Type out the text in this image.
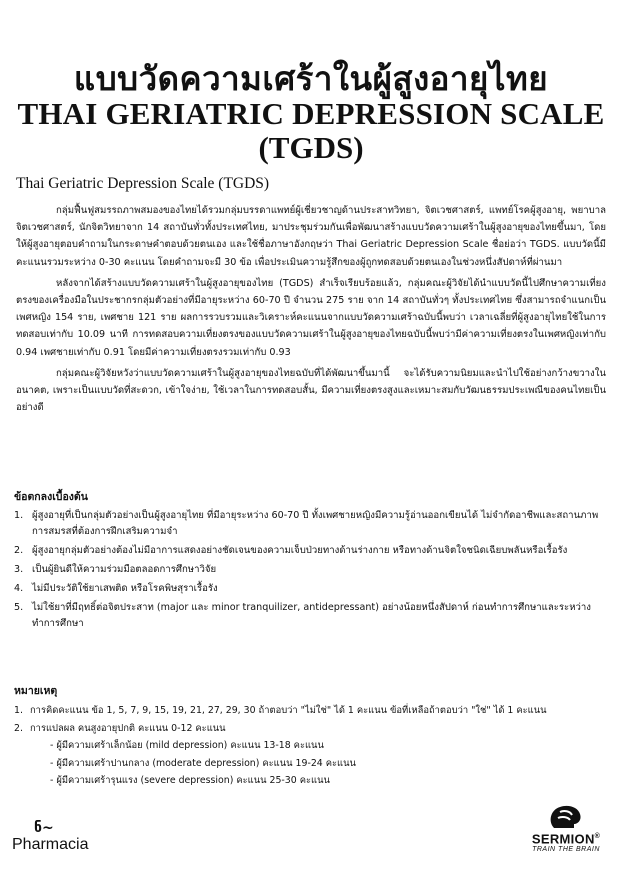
แบบวัดความเศร้าในผู้สูงอายุไทย
THAI GERIATRIC DEPRESSION SCALE
(TGDS)
Thai Geriatric Depression Scale (TGDS)

กลุ่มฟื้นฟูสมรรถภาพสมองของไทยได้รวมกลุ่มบรรดาแพทย์ผู้เชี่ยวชาญด้านประสาทวิทยา, จิตเวชศาสตร์, แพทย์โรคผู้สูงอายุ, พยาบาลจิตเวชศาสตร์, นักจิตวิทยาจาก 14 สถาบันทั่วทั้งประเทศไทย, มาประชุมร่วมกันเพื่อพัฒนาสร้างแบบวัดความเศร้าในผู้สูงอายุของไทยขึ้นมา, โดยให้ผู้สูงอายุตอบคำถามในกระดาษคำตอบด้วยตนเอง และใช้ชื่อภาษาอังกฤษว่า Thai Geriatric Depression Scale ชื่อย่อว่า TGDS. แบบวัดนี้มีคะแนนรวมระหว่าง 0-30 คะแนน โดยคำถามจะมี 30 ข้อ เพื่อประเมินความรู้สึกของผู้ถูกทดสอบด้วยตนเองในช่วงหนึ่งสัปดาห์ที่ผ่านมา

หลังจากได้สร้างแบบวัดความเศร้าในผู้สูงอายุของไทย (TGDS) สำเร็จเรียบร้อยแล้ว, กลุ่มคณะผู้วิจัยได้นำแบบวัดนี้ไปศึกษาความเที่ยงตรงของเครื่องมือในประชากรกลุ่มตัวอย่างที่มีอายุระหว่าง 60-70 ปี จำนวน 275 ราย จาก 14 สถาบันทั่วๆ ทั้งประเทศไทย ซึ่งสามารถจำแนกเป็นเพศหญิง 154 ราย, เพศชาย 121 ราย ผลการรวบรวมและวิเคราะห์คะแนนจากแบบวัดความเศร้าฉบับนี้พบว่า เวลาเฉลี่ยที่ผู้สูงอายุไทยใช้ในการทดสอบเท่ากับ 10.09 นาที การทดสอบความเที่ยงตรงของแบบวัดความเศร้าในผู้สูงอายุของไทยฉบับนี้พบว่ามีค่าความเที่ยงตรงในเพศหญิงเท่ากับ 0.94 เพศชายเท่ากับ 0.91 โดยมีค่าความเที่ยงตรงรวมเท่ากับ 0.93

กลุ่มคณะผู้วิจัยหวังว่าแบบวัดความเศร้าในผู้สูงอายุของไทยฉบับที่ได้พัฒนาขึ้นมานี้ จะได้รับความนิยมและนำไปใช้อย่างกว้างขวางในอนาคต, เพราะเป็นแบบวัดที่สะดวก, เข้าใจง่าย, ใช้เวลาในการทดสอบสั้น, มีความเที่ยงตรงสูงและเหมาะสมกับวัฒนธรรมประเพณีของคนไทยเป็นอย่างดี

ข้อตกลงเบื้องต้น
1. ผู้สูงอายุที่เป็นกลุ่มตัวอย่างเป็นผู้สูงอายุไทย ที่มีอายุระหว่าง 60-70 ปี ทั้งเพศชายหญิงมีความรู้อ่านออกเขียนได้ ไม่จำกัดอาชีพและสถานภาพการสมรสที่ต้องการฝึกเสริมความจำ
2. ผู้สูงอายุกลุ่มตัวอย่างต้องไม่มีอาการแสดงอย่างชัดเจนของความเจ็บป่วยทางด้านร่างกาย หรือทางด้านจิตใจชนิดเฉียบพลันหรือเรื้อรัง
3. เป็นผู้ยินดีให้ความร่วมมือตลอดการศึกษาวิจัย
4. ไม่มีประวัติใช้ยาเสพติด หรือโรคพิษสุราเรื้อรัง
5. ไม่ใช้ยาที่มีฤทธิ์ต่อจิตประสาท (major และ minor tranquilizer, antidepressant) อย่างน้อยหนึ่งสัปดาห์ ก่อนทำการศึกษาและระหว่างทำการศึกษา
หมายเหตุ
1. การคิดคะแนน ข้อ 1, 5, 7, 9, 15, 19, 21, 27, 29, 30 ถ้าตอบว่า "ไม่ใช่" ได้ 1 คะแนน ข้อที่เหลือถ้าตอบว่า "ใช่" ได้ 1 คะแนน
2. การแปลผล คนสูงอายุปกติ คะแนน 0-12 คะแนน
- ผู้มีความเศร้าเล็กน้อย (mild depression) คะแนน 13-18 คะแนน
- ผู้มีความเศร้าปานกลาง (moderate depression) คะแนน 19-24 คะแนน
- ผู้มีความเศร้ารุนแรง (severe depression) คะแนน 25-30 คะแนน
ნ~
Pharmacia	SERMION®
TRAIN THE BRAIN
